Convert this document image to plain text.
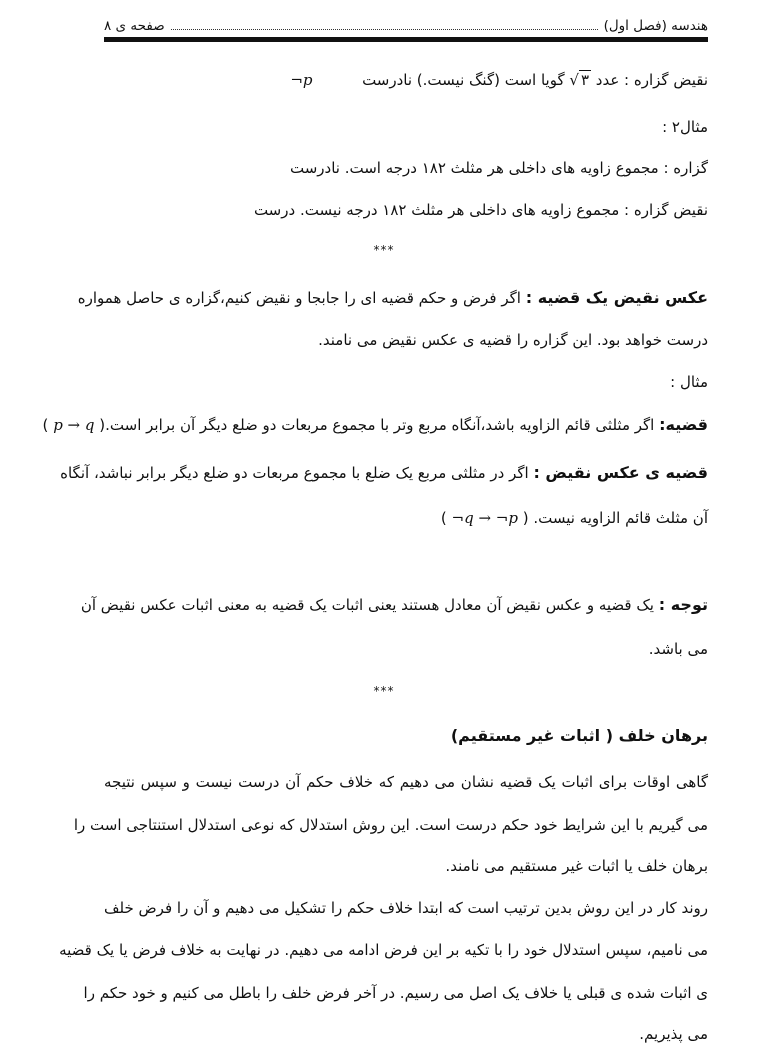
هندسه (فصل اول)
صفحه ی ۸
نقیض گزاره : عدد √ ۳ گویا است (گنگ نیست.) نادرست  ¬p
مثال۲ :
گزاره : مجموع زاویه های داخلی هر مثلث ۱۸۲ درجه است. نادرست
نقیض گزاره : مجموع زاویه های داخلی هر مثلث ۱۸۲ درجه نیست. درست
***
عکس نقیض یک قضیه : اگر فرض و حکم قضیه ای را جابجا و نقیض کنیم،گزاره ی حاصل همواره
درست خواهد بود. این گزاره را قضیه ی عکس نقیض می نامند.
مثال :
قضیه: اگر مثلثی قائم الزاویه باشد،آنگاه مربع وتر با مجموع مربعات دو ضلع دیگر آن برابر است.( p → q )
قضیه ی عکس نقیض : اگر در مثلثی مربع یک ضلع با مجموع مربعات دو ضلع دیگر برابر نباشد، آنگاه
آن مثلث قائم الزاویه نیست. ( ¬q → ¬p )
توجه : یک قضیه و عکس نقیض آن معادل هستند یعنی اثبات یک قضیه به معنی اثبات عکس نقیض آن
می باشد.
***
برهان خلف ( اثبات غیر مستقیم)
گاهی اوقات برای اثبات یک قضیه نشان می دهیم که خلاف حکم آن درست نیست و سپس نتیجه
می گیریم با این شرایط خود حکم درست است. این روش استدلال که نوعی استدلال استنتاجی است را
برهان خلف یا اثبات غیر مستقیم می نامند.
روند کار در این روش بدین ترتیب است که ابتدا خلاف حکم را تشکیل می دهیم و آن را فرض خلف
می نامیم، سپس استدلال خود را با تکیه بر این فرض ادامه می دهیم. در نهایت به خلاف فرض یا یک قضیه
ی اثبات شده ی قبلی یا خلاف یک اصل می رسیم. در آخر فرض خلف را باطل می کنیم و خود حکم را
می پذیریم.
